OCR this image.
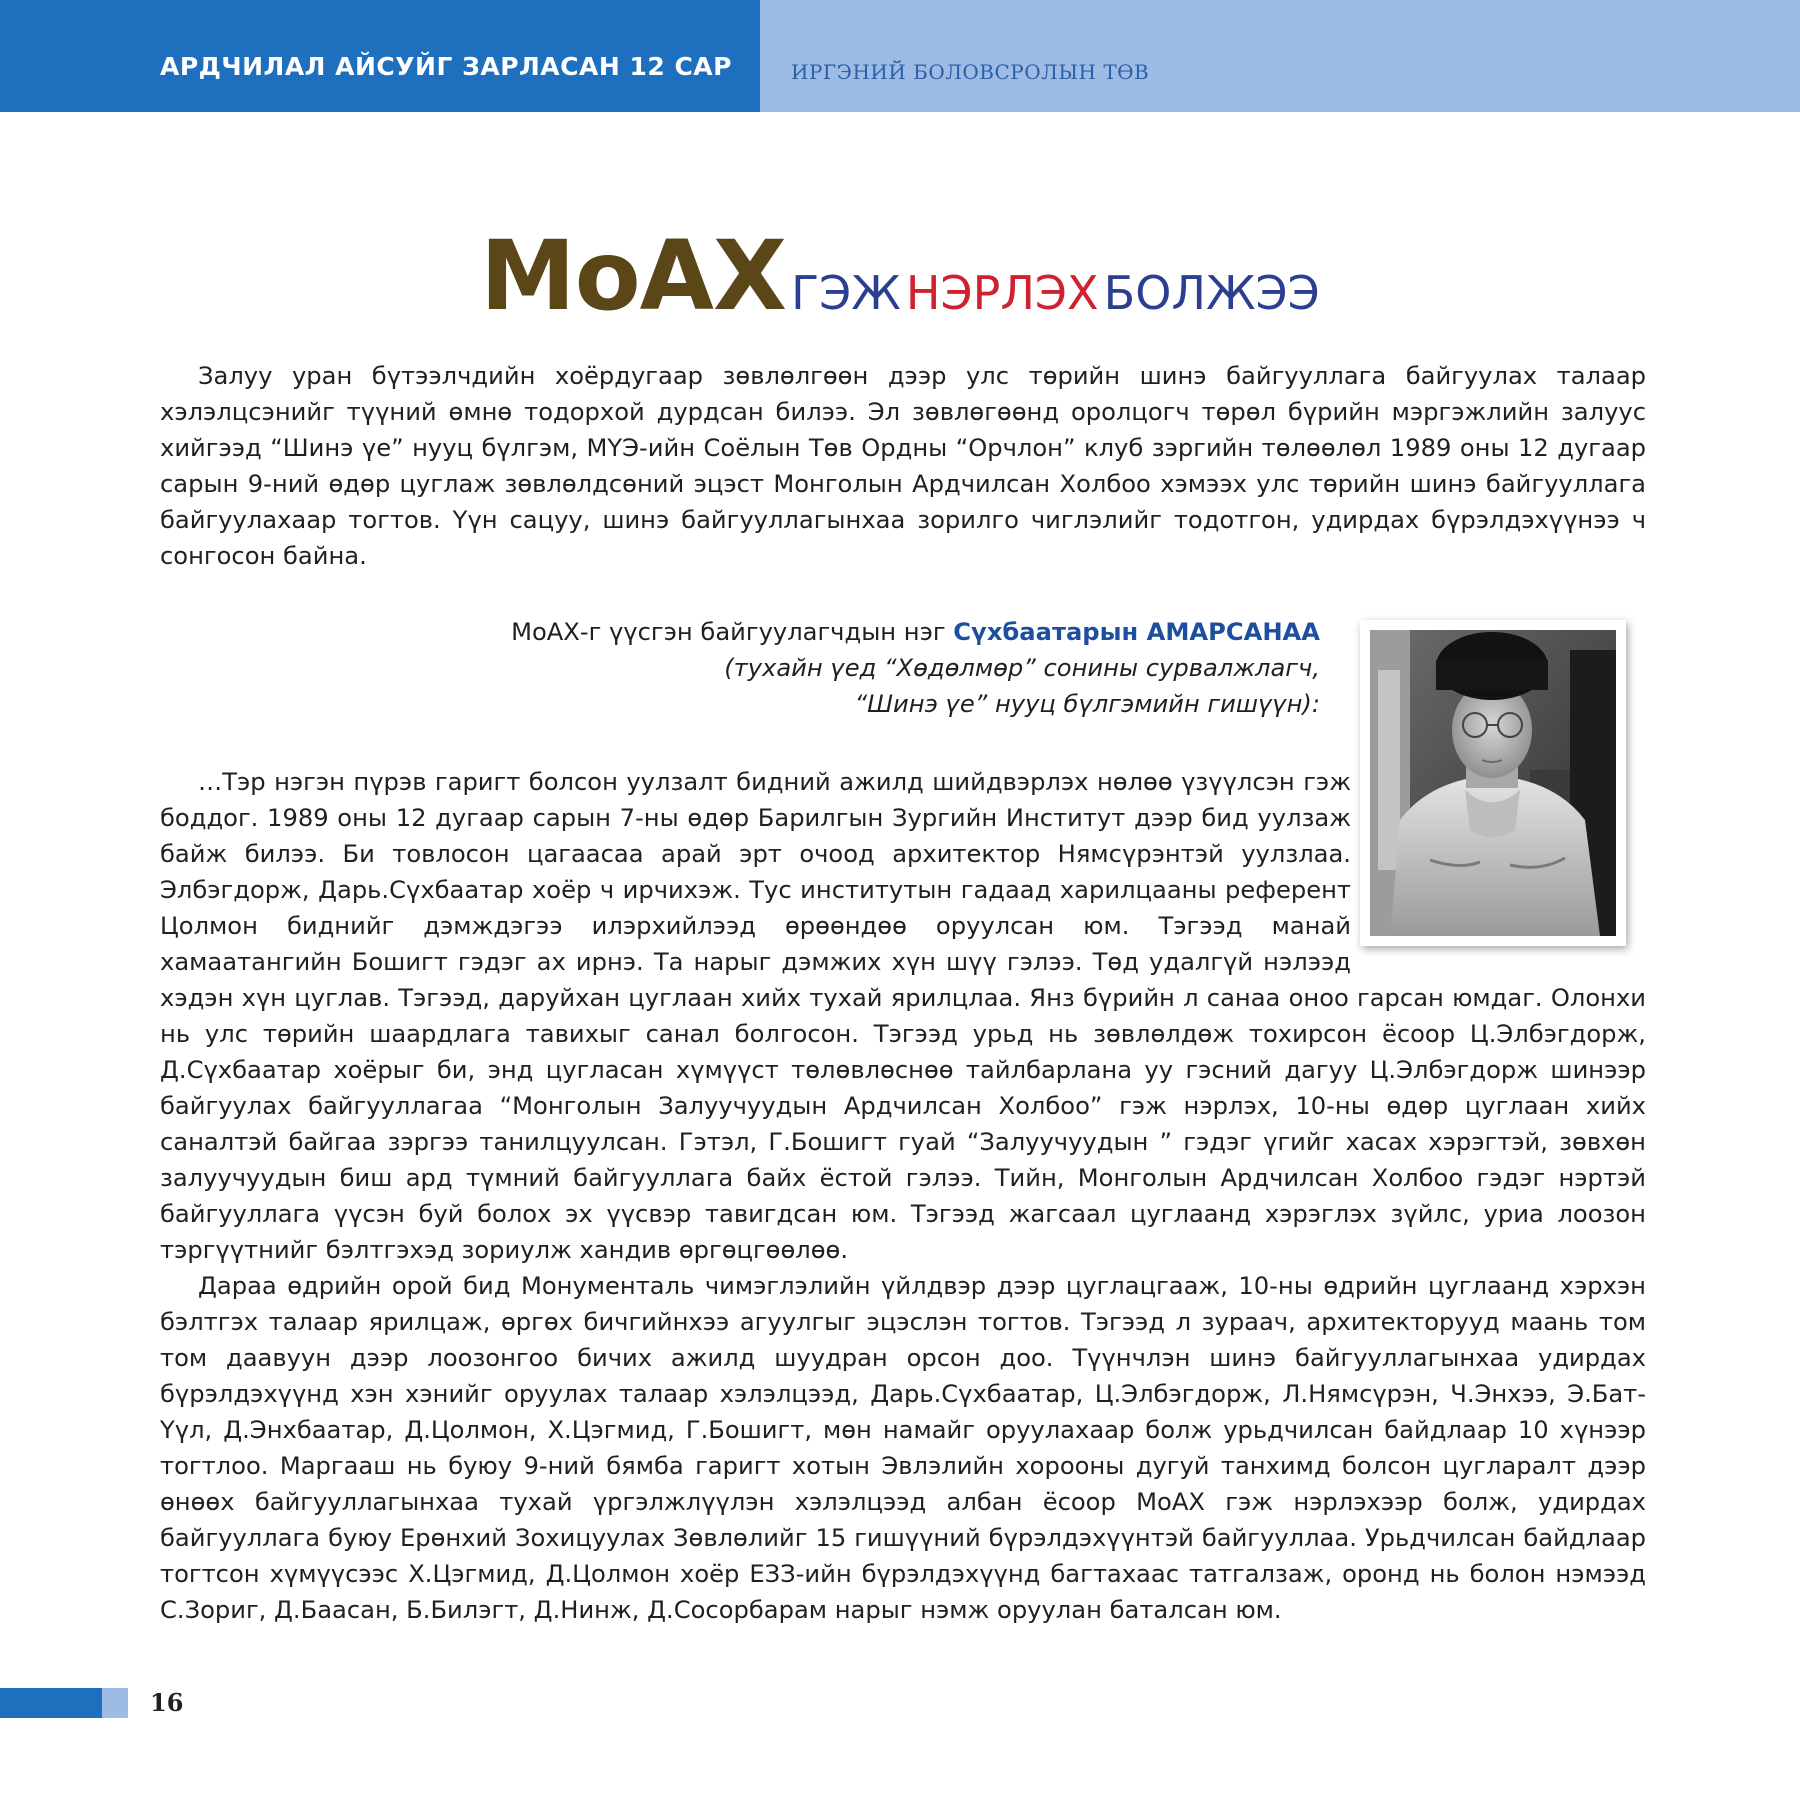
АРДЧИЛАЛ АЙСУЙГ ЗАРЛАСАН 12 САР	ИРГЭНИЙ БОЛОВСРОЛЫН ТӨВ
МоАХ ГЭЖ НЭРЛЭХ БОЛЖЭЭ

Залуу уран бүтээлчдийн хоёрдугаар зөвлөлгөөн дээр улс төрийн шинэ байгууллага байгуулах талаар хэлэлцсэнийг түүний өмнө тодорхой дурдсан билээ. Эл зөвлөгөөнд оролцогч төрөл бүрийн мэргэжлийн залуус хийгээд “Шинэ үе” нууц бүлгэм, МҮЭ-ийн Соёлын Төв Ордны “Орчлон” клуб зэргийн төлөөлөл 1989 оны 12 дугаар сарын 9-ний өдөр цуглаж зөвлөлдсөний эцэст Монголын Ардчилсан Холбоо хэмээх улс төрийн шинэ байгууллага байгуулахаар тогтов. Үүн сацуу, шинэ байгууллагынхаа зорилго чиглэлийг тодотгон, удирдах бүрэлдэхүүнээ ч сонгосон байна.

МоАХ-г үүсгэн байгуулагчдын нэг Сүхбаатарын АМАРСАНАА
(тухайн үед “Хөдөлмөр” сонины сурвалжлагч,
“Шинэ үе” нууц бүлгэмийн гишүүн):

…Тэр нэгэн пүрэв гаригт болсон уулзалт бидний ажилд шийдвэрлэх нөлөө үзүүлсэн гэж боддог. 1989 оны 12 дугаар сарын 7-ны өдөр Барилгын Зургийн Институт дээр бид уулзаж байж билээ. Би товлосон цагаасаа арай эрт очоод архитектор Нямсүрэнтэй уулзлаа. Элбэгдорж, Дарь.Сүхбаатар хоёр ч ирчихэж. Тус институтын гадаад харилцааны референт Цолмон биднийг дэмждэгээ илэрхийлээд өрөөндөө оруулсан юм. Тэгээд манай хамаатангийн Бошигт гэдэг ах ирнэ. Та нарыг дэмжих хүн шүү гэлээ. Төд удалгүй нэлээд хэдэн хүн цуглав. Тэгээд, даруйхан цуглаан хийх тухай ярилцлаа. Янз бүрийн л санаа оноо гарсан юмдаг. Олонхи нь улс төрийн шаардлага тавихыг санал болгосон. Тэгээд урьд нь зөвлөлдөж тохирсон ёсоор Ц.Элбэгдорж, Д.Сүхбаатар хоёрыг би, энд цугласан хүмүүст төлөвлөснөө тайлбарлана уу гэсний дагуу Ц.Элбэгдорж шинээр байгуулах байгууллагаа “Монголын Залуучуудын Ардчилсан Холбоо” гэж нэрлэх, 10-ны өдөр цуглаан хийх саналтэй байгаа зэргээ танилцуулсан. Гэтэл, Г.Бошигт гуай “Залуучуудын ” гэдэг үгийг хасах хэрэгтэй, зөвхөн залуучуудын биш ард түмний байгууллага байх ёстой гэлээ. Тийн, Монголын Ардчилсан Холбоо гэдэг нэртэй байгууллага үүсэн буй болох эх үүсвэр тавигдсан юм. Тэгээд жагсаал цуглаанд хэрэглэх зүйлс, уриа лоозон тэргүүтнийг бэлтгэхэд зориулж хандив өргөцгөөлөө.

Дараа өдрийн орой бид Монументаль чимэглэлийн үйлдвэр дээр цуглацгааж, 10-ны өдрийн цуглаанд хэрхэн бэлтгэх талаар ярилцаж, өргөх бичгийнхээ агуулгыг эцэслэн тогтов. Тэгээд л зураач, архитекторууд маань том том даавуун дээр лоозонгоо бичих ажилд шуудран орсон доо. Түүнчлэн шинэ байгууллагынхаа удирдах бүрэлдэхүүнд хэн хэнийг оруулах талаар хэлэлцээд, Дарь.Сүхбаатар, Ц.Элбэгдорж, Л.Нямсүрэн, Ч.Энхээ, Э.Бат-Үүл, Д.Энхбаатар, Д.Цолмон, Х.Цэгмид, Г.Бошигт, мөн намайг оруулахаар болж урьдчилсан байдлаар 10 хүнээр тогтлоо. Маргааш нь буюу 9-ний бямба гаригт хотын Эвлэлийн хорооны дугуй танхимд болсон цугларалт дээр өнөөх байгууллагынхаа тухай үргэлжлүүлэн хэлэлцээд албан ёсоор МоАХ гэж нэрлэхээр болж, удирдах байгууллага буюу Ерөнхий Зохицуулах Зөвлөлийг 15 гишүүний бүрэлдэхүүнтэй байгууллаа. Урьдчилсан байдлаар тогтсон хүмүүсээс Х.Цэгмид, Д.Цолмон хоёр ЕЗЗ-ийн бүрэлдэхүүнд багтахаас татгалзаж, оронд нь болон нэмээд С.Зориг, Д.Баасан, Б.Билэгт, Д.Нинж, Д.Сосорбарам нарыг нэмж оруулан баталсан юм.

16
